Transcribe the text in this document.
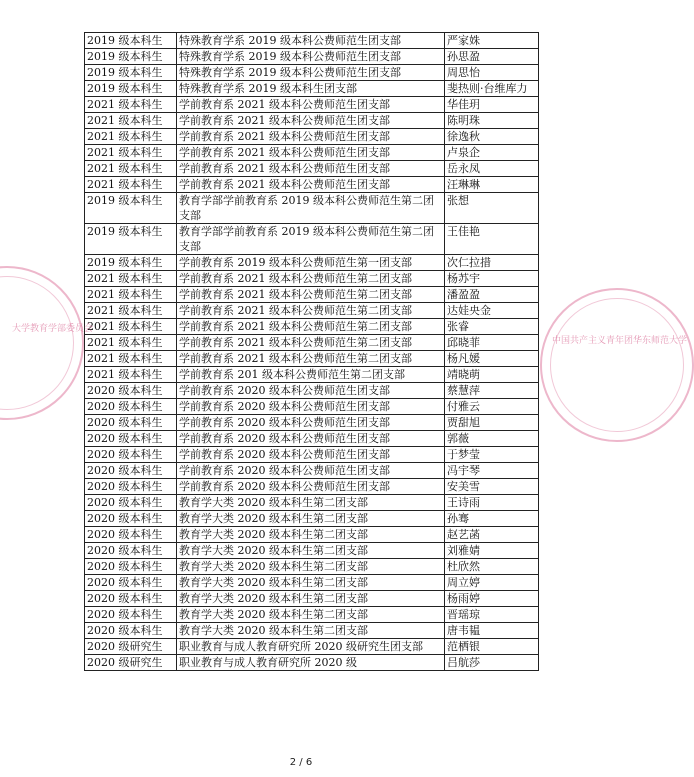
2019 级本科生	特殊教育学系 2019 级本科公费师范生团支部	严家姝
2019 级本科生	特殊教育学系 2019 级本科公费师范生团支部	孙思盈
2019 级本科生	特殊教育学系 2019 级本科公费师范生团支部	周思怡
2019 级本科生	特殊教育学系 2019 级本科生团支部	斐热则·台维库力
2021 级本科生	学前教育系 2021 级本科公费师范生团支部	华佳玥
2021 级本科生	学前教育系 2021 级本科公费师范生团支部	陈明珠
2021 级本科生	学前教育系 2021 级本科公费师范生团支部	徐逸秋
2021 级本科生	学前教育系 2021 级本科公费师范生团支部	卢泉企
2021 级本科生	学前教育系 2021 级本科公费师范生团支部	岳永凤
2021 级本科生	学前教育系 2021 级本科公费师范生团支部	汪琳琳
2019 级本科生	教育学部学前教育系 2019 级本科公费师范生第二团支部	张想
2019 级本科生	教育学部学前教育系 2019 级本科公费师范生第二团支部	王佳艳
2019 级本科生	学前教育系 2019 级本科公费师范生第一团支部	次仁拉措
2021 级本科生	学前教育系 2021 级本科公费师范生第二团支部	杨苏宇
2021 级本科生	学前教育系 2021 级本科公费师范生第二团支部	潘盈盈
2021 级本科生	学前教育系 2021 级本科公费师范生第二团支部	达娃央金
2021 级本科生	学前教育系 2021 级本科公费师范生第二团支部	张睿
2021 级本科生	学前教育系 2021 级本科公费师范生第二团支部	邱晓菲
2021 级本科生	学前教育系 2021 级本科公费师范生第二团支部	杨凡媛
2021 级本科生	学前教育系 201 级本科公费师范生第二团支部	靖晓萌
2020 级本科生	学前教育系 2020 级本科公费师范生团支部	蔡慧萍
2020 级本科生	学前教育系 2020 级本科公费师范生团支部	付雅云
2020 级本科生	学前教育系 2020 级本科公费师范生团支部	贾甜旭
2020 级本科生	学前教育系 2020 级本科公费师范生团支部	郭薇
2020 级本科生	学前教育系 2020 级本科公费师范生团支部	于梦莹
2020 级本科生	学前教育系 2020 级本科公费师范生团支部	冯宇琴
2020 级本科生	学前教育系 2020 级本科公费师范生团支部	安美雪
2020 级本科生	教育学大类 2020 级本科生第二团支部	王诗雨
2020 级本科生	教育学大类 2020 级本科生第二团支部	孙骞
2020 级本科生	教育学大类 2020 级本科生第二团支部	赵艺菡
2020 级本科生	教育学大类 2020 级本科生第二团支部	刘雅婧
2020 级本科生	教育学大类 2020 级本科生第二团支部	杜欣然
2020 级本科生	教育学大类 2020 级本科生第二团支部	周立婷
2020 级本科生	教育学大类 2020 级本科生第二团支部	杨雨婷
2020 级本科生	教育学大类 2020 级本科生第二团支部	晋瑶琼
2020 级本科生	教育学大类 2020 级本科生第二团支部	唐韦韫
2020 级研究生	职业教育与成人教育研究所 2020 级研究生团支部	范栖银
2020 级研究生	职业教育与成人教育研究所 2020 级	吕航莎
大学教育学部委员会
中国共产主义青年团华东师范大学
2 / 6
